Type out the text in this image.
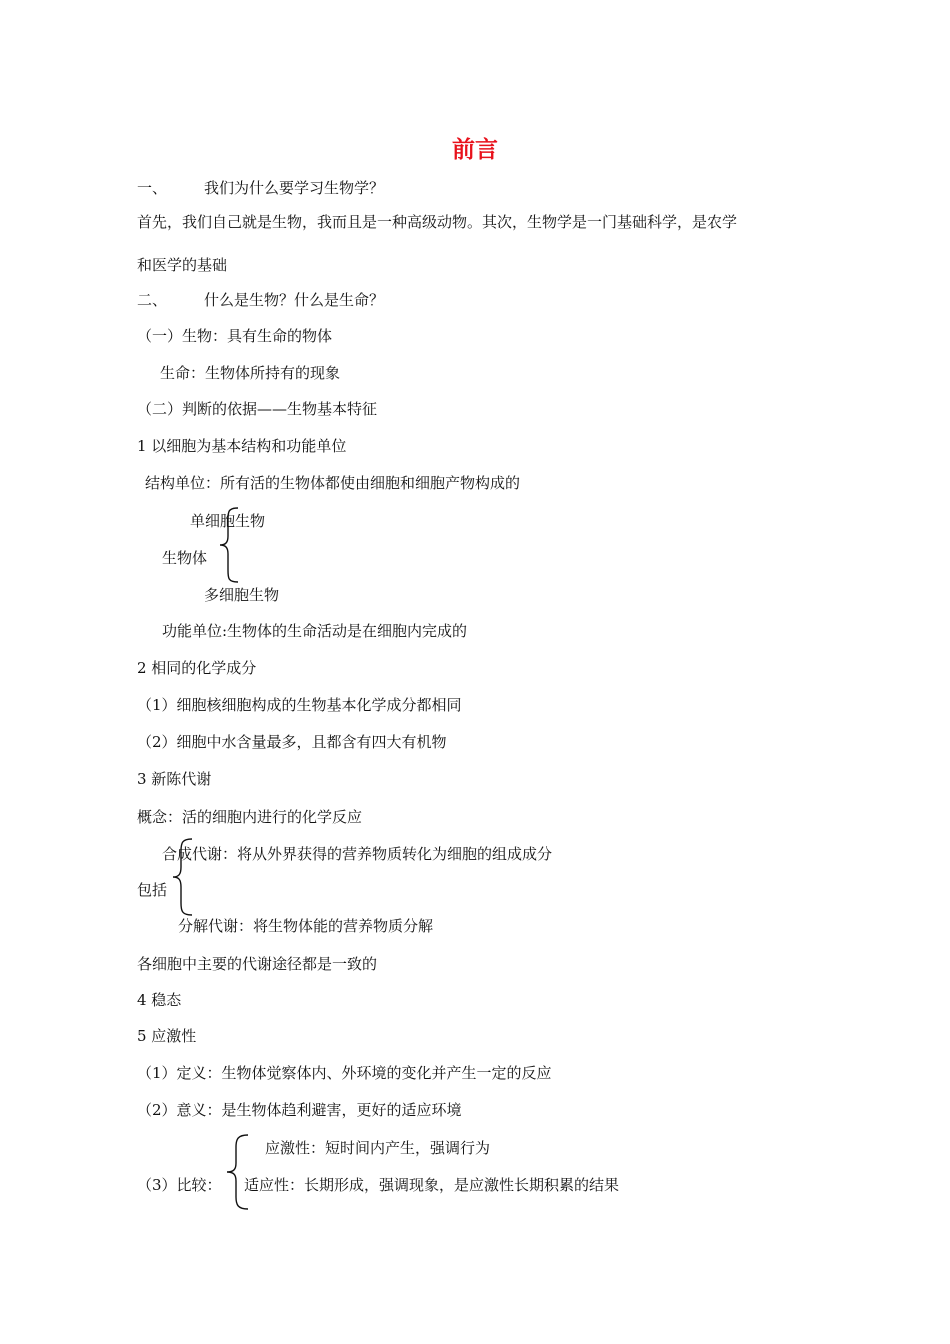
前言
一、 我们为什么要学习生物学？
首先，我们自己就是生物，我而且是一种高级动物。其次，生物学是一门基础科学，是农学
和医学的基础
二、 什么是生物？什么是生命？
（一）生物：具有生命的物体
生命：生物体所持有的现象
（二）判断的依据——生物基本特征
1 以细胞为基本结构和功能单位
结构单位：所有活的生物体都使由细胞和细胞产物构成的
单细胞生物
生物体
多细胞生物
功能单位:生物体的生命活动是在细胞内完成的
2 相同的化学成分
（1）细胞核细胞构成的生物基本化学成分都相同
（2）细胞中水含量最多，且都含有四大有机物
3 新陈代谢
概念：活的细胞内进行的化学反应
合成代谢：将从外界获得的营养物质转化为细胞的组成成分
包括
分解代谢：将生物体能的营养物质分解
各细胞中主要的代谢途径都是一致的
4 稳态
5 应激性
（1）定义：生物体觉察体内、外环境的变化并产生一定的反应
（2）意义：是生物体趋利避害，更好的适应环境
应激性：短时间内产生，强调行为
（3）比较： 适应性：长期形成，强调现象，是应激性长期积累的结果
